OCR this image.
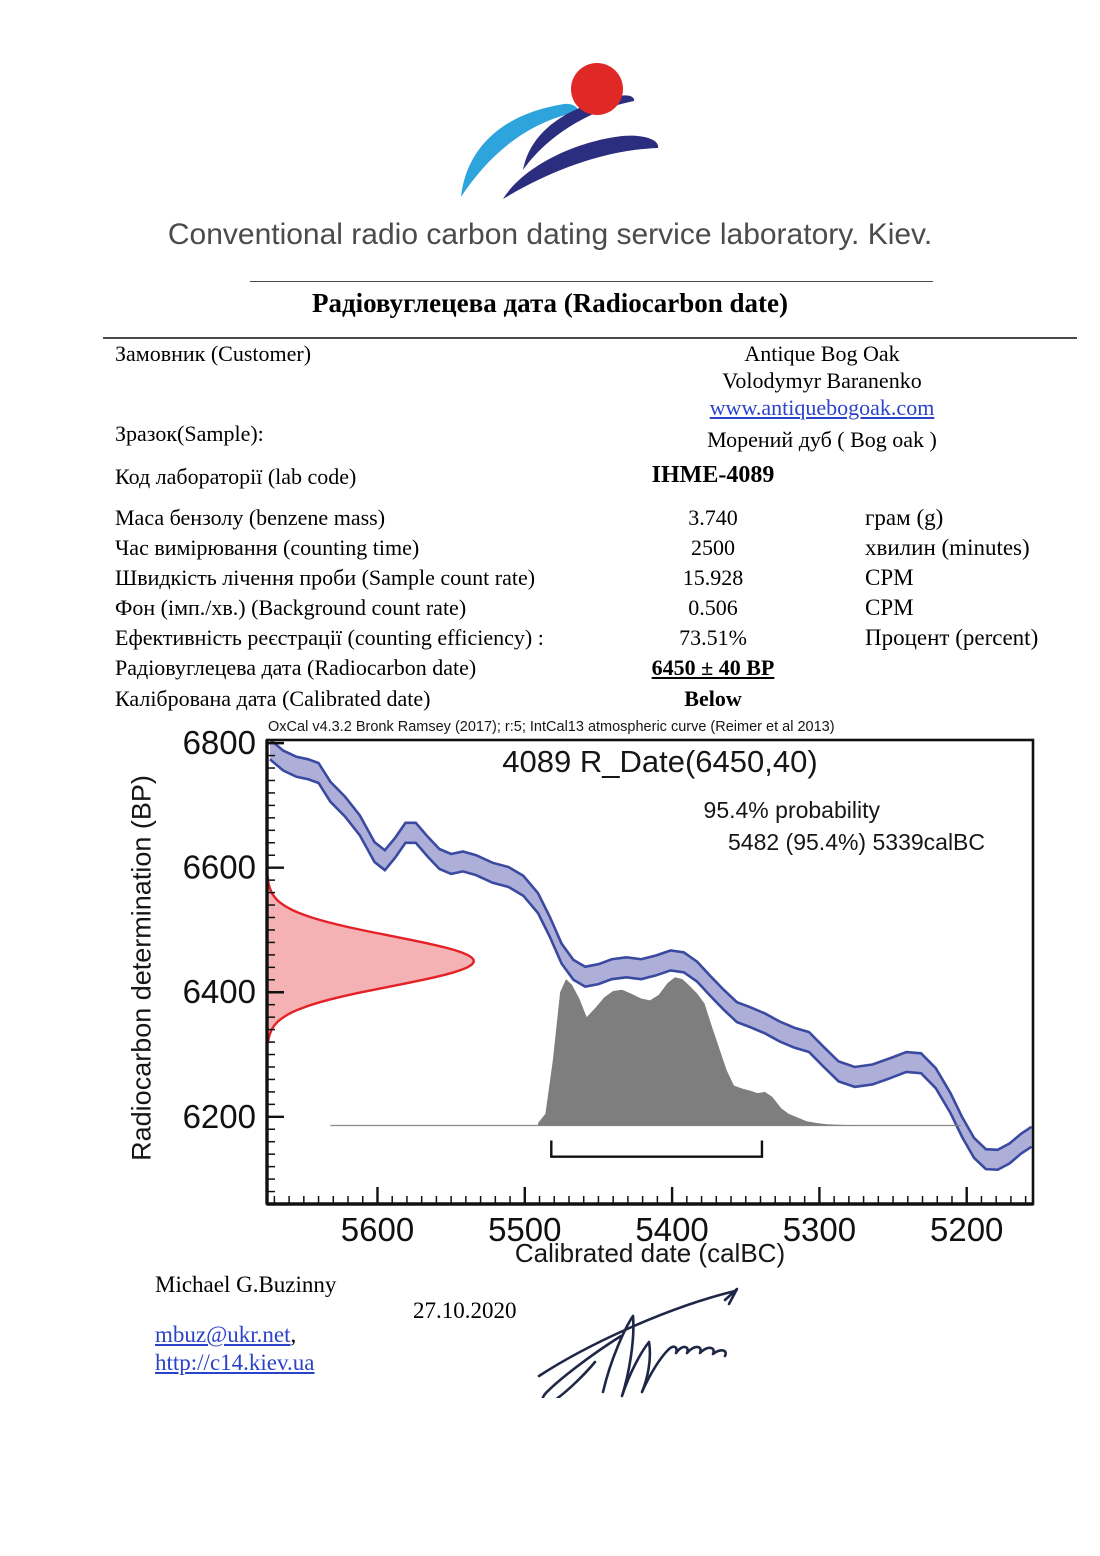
Conventional radio carbon dating service laboratory. Kiev.
Радіовуглецева дата (Radiocarbon date)
Замовник (Customer)	Antique Bog Oak
Volodymyr Baranenko
www.antiquebogoak.com
Зразок(Sample):	Морений дуб ( Bog oak )
Код лабораторії (lab code)	IHME-4089
Маса бензолу (benzene mass)	3.740	грам (g)
Час вимірювання (counting time)	2500	хвилин (minutes)
Швидкість лічення проби (Sample count rate)	15.928	CPM
Фон (імп./хв.) (Background count rate)	0.506	CPM
Ефективність реєстрації (counting efficiency) :	73.51%	Процент (percent)
Радіовуглецева дата (Radiocarbon date)	6450 ± 40 BP
Калібрована дата (Calibrated date)	Below
5600 5500 5400 5300 5200
6200
6400
6600
6800 OxCal v4.3.2 Bronk Ramsey (2017); r:5; IntCal13 atmospheric curve (Reimer et al 2013)
4089 R_Date(6450,40)
95.4% probability
5482 (95.4%) 5339calBC
Calibrated date (calBC)
Radiocarbon determination (BP)
Michael G.Buzinny
27.10.2020
mbuz@ukr.net,
http://c14.kiev.ua
